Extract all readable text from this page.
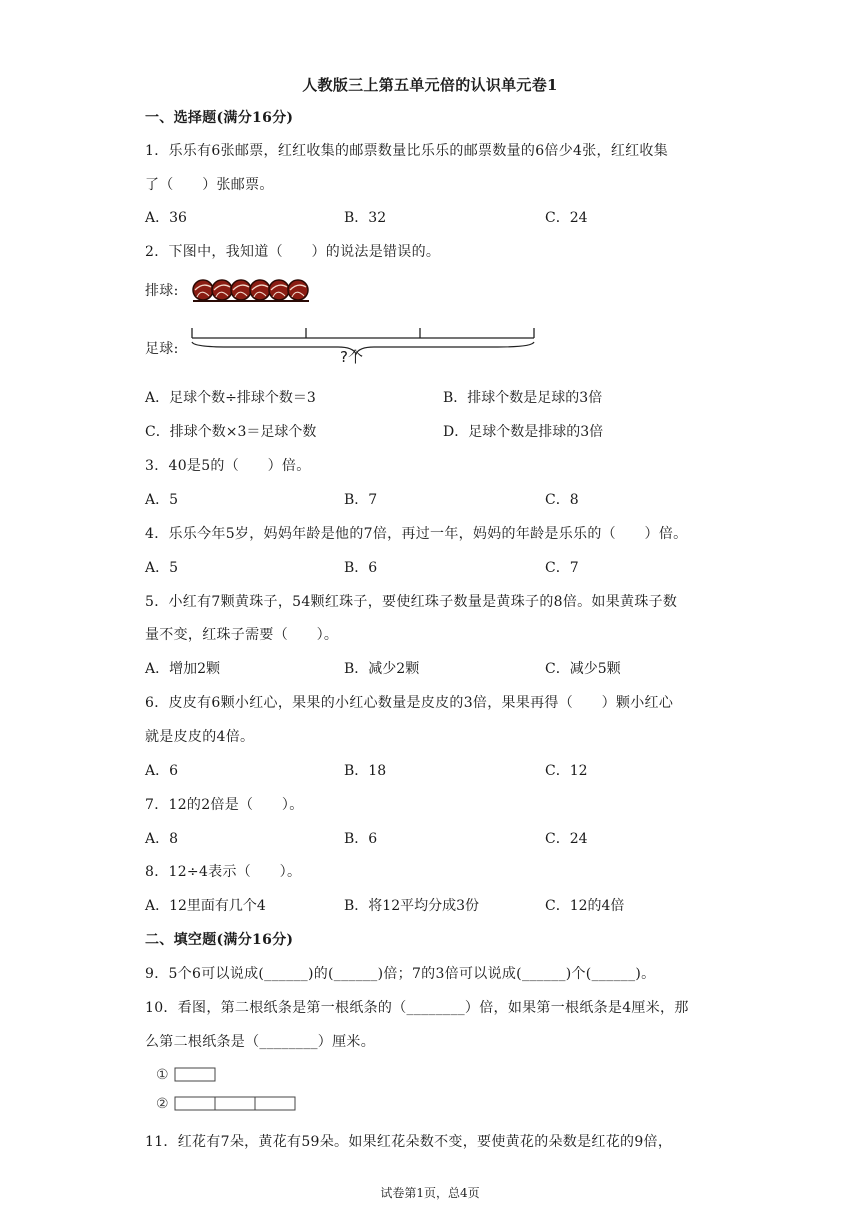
人教版三上第五单元倍的认识单元卷1
一、选择题(满分16分)
1．乐乐有6张邮票，红红收集的邮票数量比乐乐的邮票数量的6倍少4张，红红收集
了（　　）张邮票。
A．36	B．32	C．24
2．下图中，我知道（　　）的说法是错误的。
排球:
足球:	?个
A．足球个数÷排球个数＝3	B．排球个数是足球的3倍
C．排球个数×3＝足球个数	D．足球个数是排球的3倍
3．40是5的（　　）倍。
A．5	B．7	C．8
4．乐乐今年5岁，妈妈年龄是他的7倍，再过一年，妈妈的年龄是乐乐的（　　）倍。
A．5	B．6	C．7
5．小红有7颗黄珠子，54颗红珠子，要使红珠子数量是黄珠子的8倍。如果黄珠子数
量不变，红珠子需要（　　）。
A．增加2颗	B．减少2颗	C．减少5颗
6．皮皮有6颗小红心，果果的小红心数量是皮皮的3倍，果果再得（　　）颗小红心
就是皮皮的4倍。
A．6	B．18	C．12
7．12的2倍是（　　）。
A．8	B．6	C．24
8．12÷4表示（　　）。
A．12里面有几个4	B．将12平均分成3份	C．12的4倍
二、填空题(满分16分)
9．5个6可以说成(______)的(______)倍；7的3倍可以说成(______)个(______)。
10．看图，第二根纸条是第一根纸条的（________）倍，如果第一根纸条是4厘米，那
么第二根纸条是（________）厘米。
①
②
11．红花有7朵，黄花有59朵。如果红花朵数不变，要使黄花的朵数是红花的9倍，
试卷第1页，总4页
